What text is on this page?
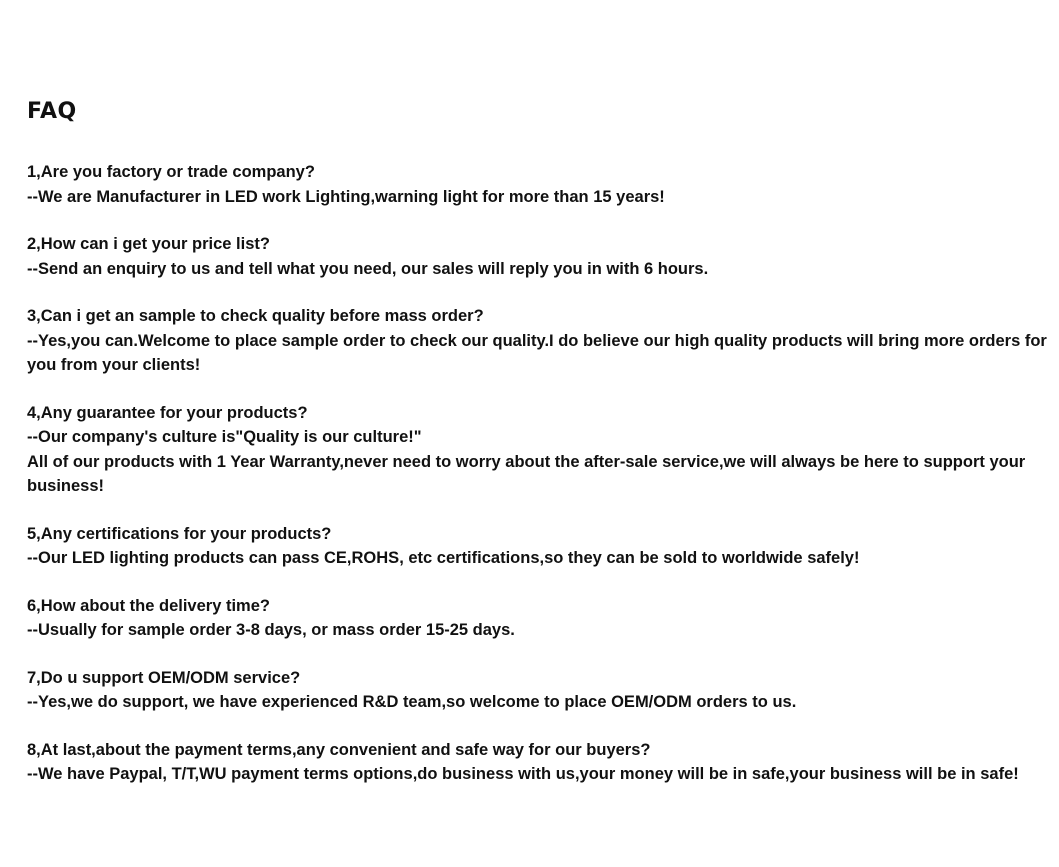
FAQ
1,Are you factory or trade company?
--We are Manufacturer in LED work Lighting,warning light for more than 15 years!
2,How can i get your price list?
--Send an enquiry to us and tell what you need, our sales will reply you in with 6 hours.
3,Can i get an sample to check quality before mass order?
--Yes,you can.Welcome to place sample order to check our quality.I do believe our high quality products will bring more orders for you from your clients!
4,Any guarantee for your products?
--Our company's culture is"Quality is our culture!"
All of our products with 1 Year Warranty,never need to worry about the after-sale service,we will always be here to support your business!
5,Any certifications for your products?
--Our LED lighting products can pass CE,ROHS, etc certifications,so they can be sold to worldwide safely!
6,How about the delivery time?
--Usually for sample order 3-8 days, or mass order 15-25 days.
7,Do u support OEM/ODM service?
--Yes,we do support, we have experienced R&D team,so welcome to place OEM/ODM orders to us.
8,At last,about the payment terms,any convenient and safe way for our buyers?
--We have Paypal, T/T,WU payment terms options,do business with us,your money will be in safe,your business will be in safe!
